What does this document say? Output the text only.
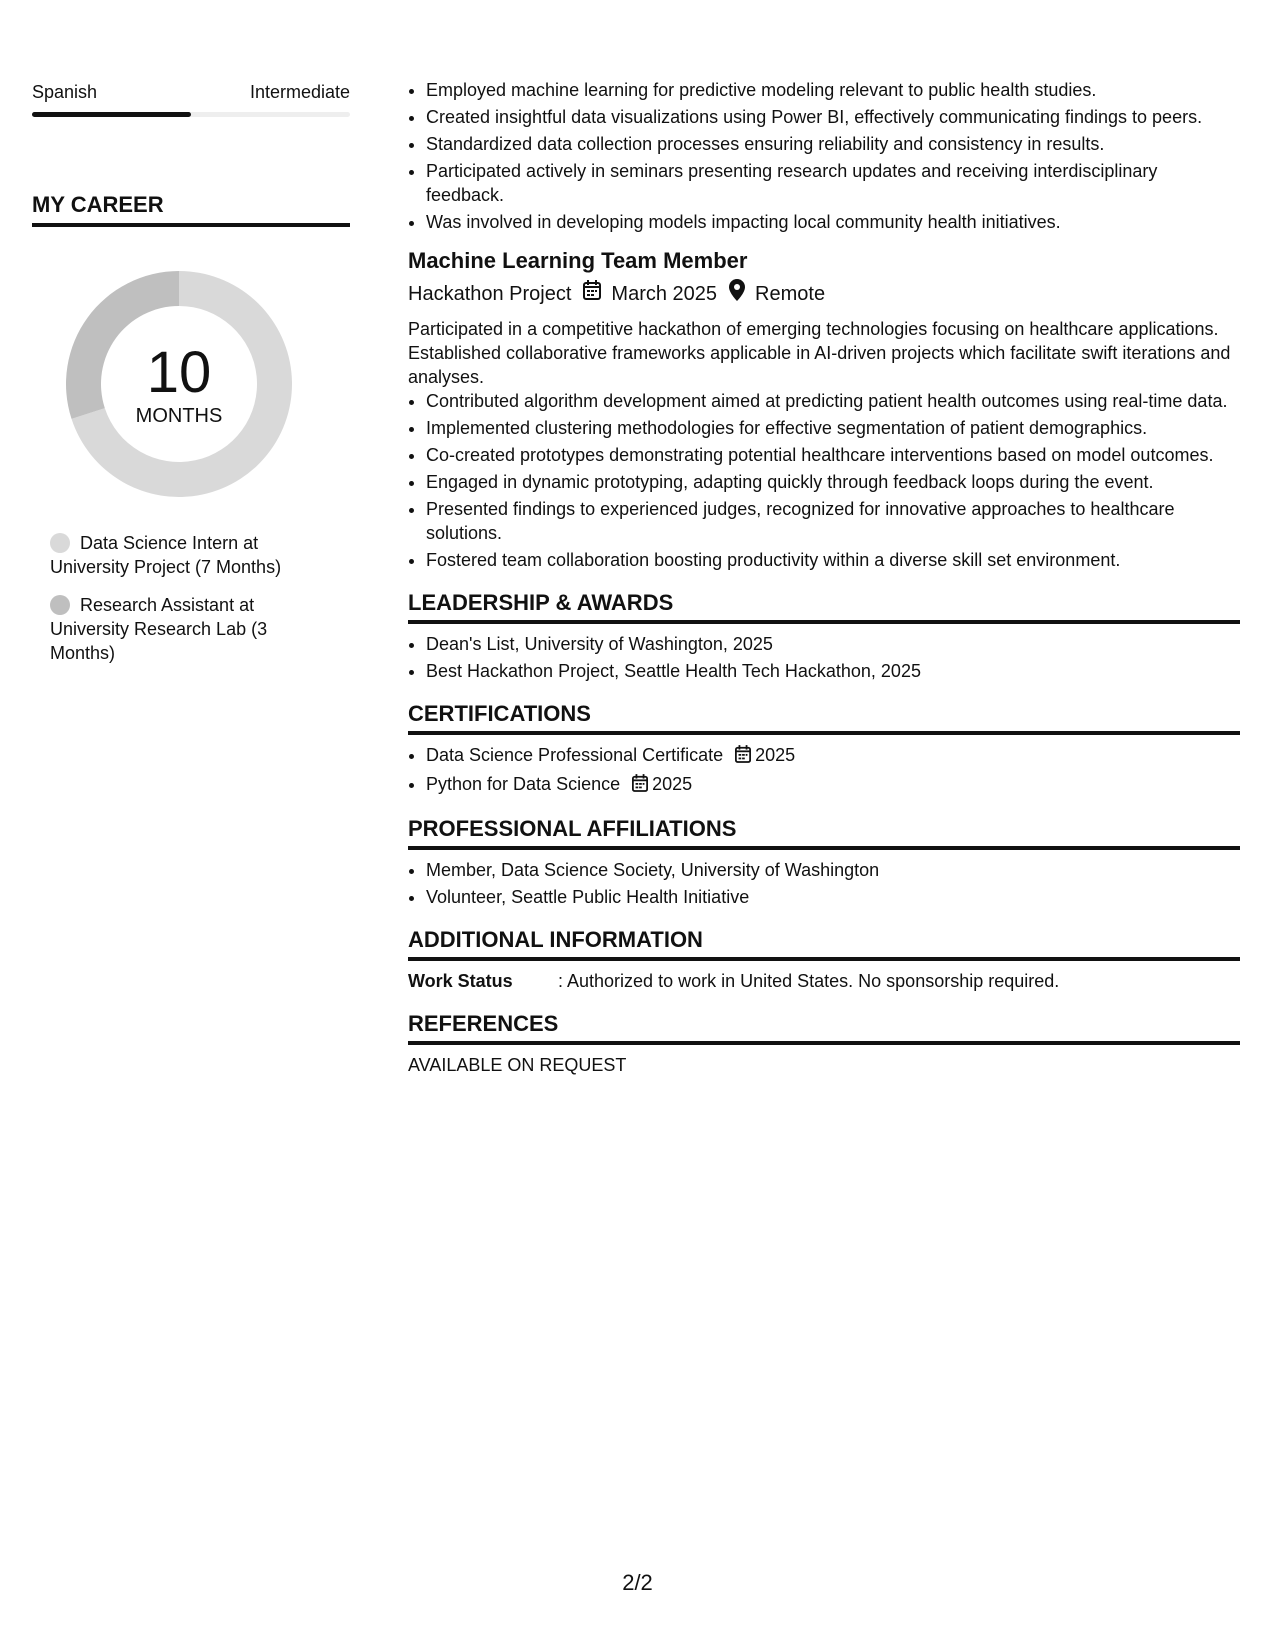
Spanish	Intermediate
MY CAREER
10
MONTHS
Data Science Intern at University Project (7 Months)
Research Assistant at University Research Lab (3 Months)
• Employed machine learning for predictive modeling relevant to public health studies.
• Created insightful data visualizations using Power BI, effectively communicating findings to peers.
• Standardized data collection processes ensuring reliability and consistency in results.
• Participated actively in seminars presenting research updates and receiving interdisciplinary feedback.
• Was involved in developing models impacting local community health initiatives.
Machine Learning Team Member
Hackathon Project March 2025 Remote
Participated in a competitive hackathon of emerging technologies focusing on healthcare applications. Established collaborative frameworks applicable in AI-driven projects which facilitate swift iterations and analyses.
• Contributed algorithm development aimed at predicting patient health outcomes using real-time data.
• Implemented clustering methodologies for effective segmentation of patient demographics.
• Co-created prototypes demonstrating potential healthcare interventions based on model outcomes.
• Engaged in dynamic prototyping, adapting quickly through feedback loops during the event.
• Presented findings to experienced judges, recognized for innovative approaches to healthcare solutions.
• Fostered team collaboration boosting productivity within a diverse skill set environment.
LEADERSHIP & AWARDS
• Dean's List, University of Washington, 2025
• Best Hackathon Project, Seattle Health Tech Hackathon, 2025
CERTIFICATIONS
• Data Science Professional Certificate 2025
• Python for Data Science 2025
PROFESSIONAL AFFILIATIONS
• Member, Data Science Society, University of Washington
• Volunteer, Seattle Public Health Initiative
ADDITIONAL INFORMATION
Work Status	: Authorized to work in United States. No sponsorship required.
REFERENCES
AVAILABLE ON REQUEST
2/2
